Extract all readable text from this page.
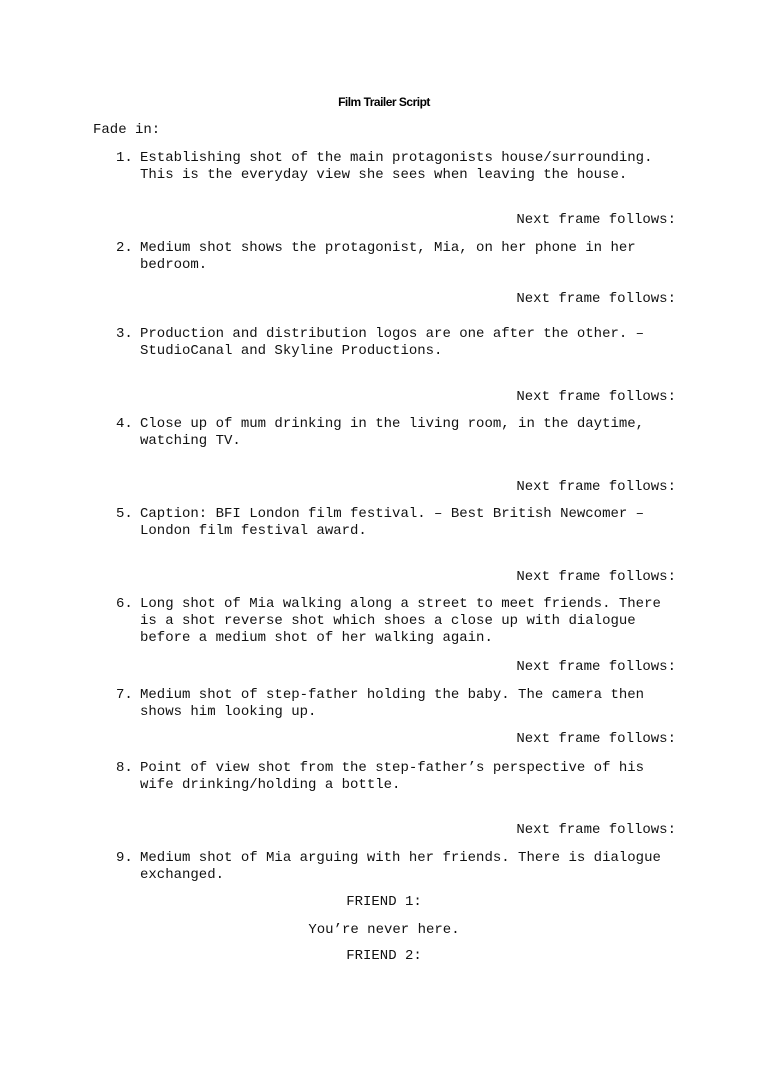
Film Trailer Script
Fade in:
1. Establishing shot of the main protagonists house/surrounding.
This is the everyday view she sees when leaving the house.
Next frame follows:
2. Medium shot shows the protagonist, Mia, on her phone in her
bedroom.
Next frame follows:
3. Production and distribution logos are one after the other. –
StudioCanal and Skyline Productions.
Next frame follows:
4. Close up of mum drinking in the living room, in the daytime,
watching TV.
Next frame follows:
5. Caption: BFI London film festival. – Best British Newcomer –
London film festival award.
Next frame follows:
6. Long shot of Mia walking along a street to meet friends. There
is a shot reverse shot which shoes a close up with dialogue
before a medium shot of her walking again.
Next frame follows:
7. Medium shot of step-father holding the baby. The camera then
shows him looking up.
Next frame follows:
8. Point of view shot from the step-father’s perspective of his
wife drinking/holding a bottle.
Next frame follows:
9. Medium shot of Mia arguing with her friends. There is dialogue
exchanged.
FRIEND 1:
You’re never here.
FRIEND 2:
